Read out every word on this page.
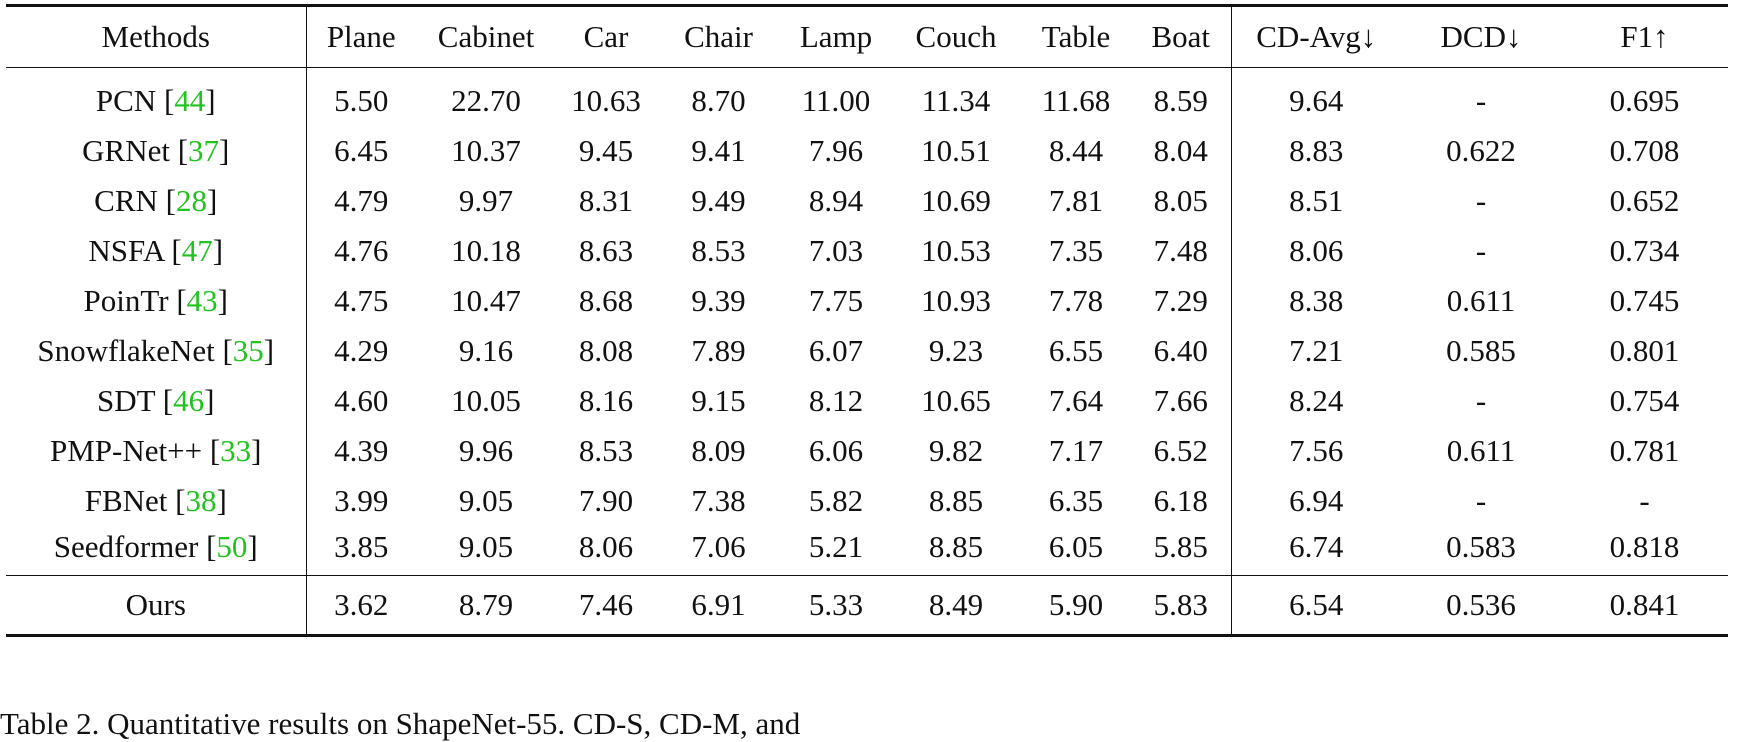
Methods	Plane	Cabinet	Car	Chair	Lamp	Couch	Table	Boat	CD-Avg↓	DCD↓	F1↑
PCN [44]	5.50	22.70	10.63	8.70	11.00	11.34	11.68	8.59	9.64	-	0.695
GRNet [37]	6.45	10.37	9.45	9.41	7.96	10.51	8.44	8.04	8.83	0.622	0.708
CRN [28]	4.79	9.97	8.31	9.49	8.94	10.69	7.81	8.05	8.51	-	0.652
NSFA [47]	4.76	10.18	8.63	8.53	7.03	10.53	7.35	7.48	8.06	-	0.734
PoinTr [43]	4.75	10.47	8.68	9.39	7.75	10.93	7.78	7.29	8.38	0.611	0.745
SnowflakeNet [35]	4.29	9.16	8.08	7.89	6.07	9.23	6.55	6.40	7.21	0.585	0.801
SDT [46]	4.60	10.05	8.16	9.15	8.12	10.65	7.64	7.66	8.24	-	0.754
PMP-Net++ [33]	4.39	9.96	8.53	8.09	6.06	9.82	7.17	6.52	7.56	0.611	0.781
FBNet [38]	3.99	9.05	7.90	7.38	5.82	8.85	6.35	6.18	6.94	-	-
Seedformer [50]	3.85	9.05	8.06	7.06	5.21	8.85	6.05	5.85	6.74	0.583	0.818
Ours	3.62	8.79	7.46	6.91	5.33	8.49	5.90	5.83	6.54	0.536	0.841
Table 2. Quantitative results on ShapeNet-55. CD-S, CD-M, and
